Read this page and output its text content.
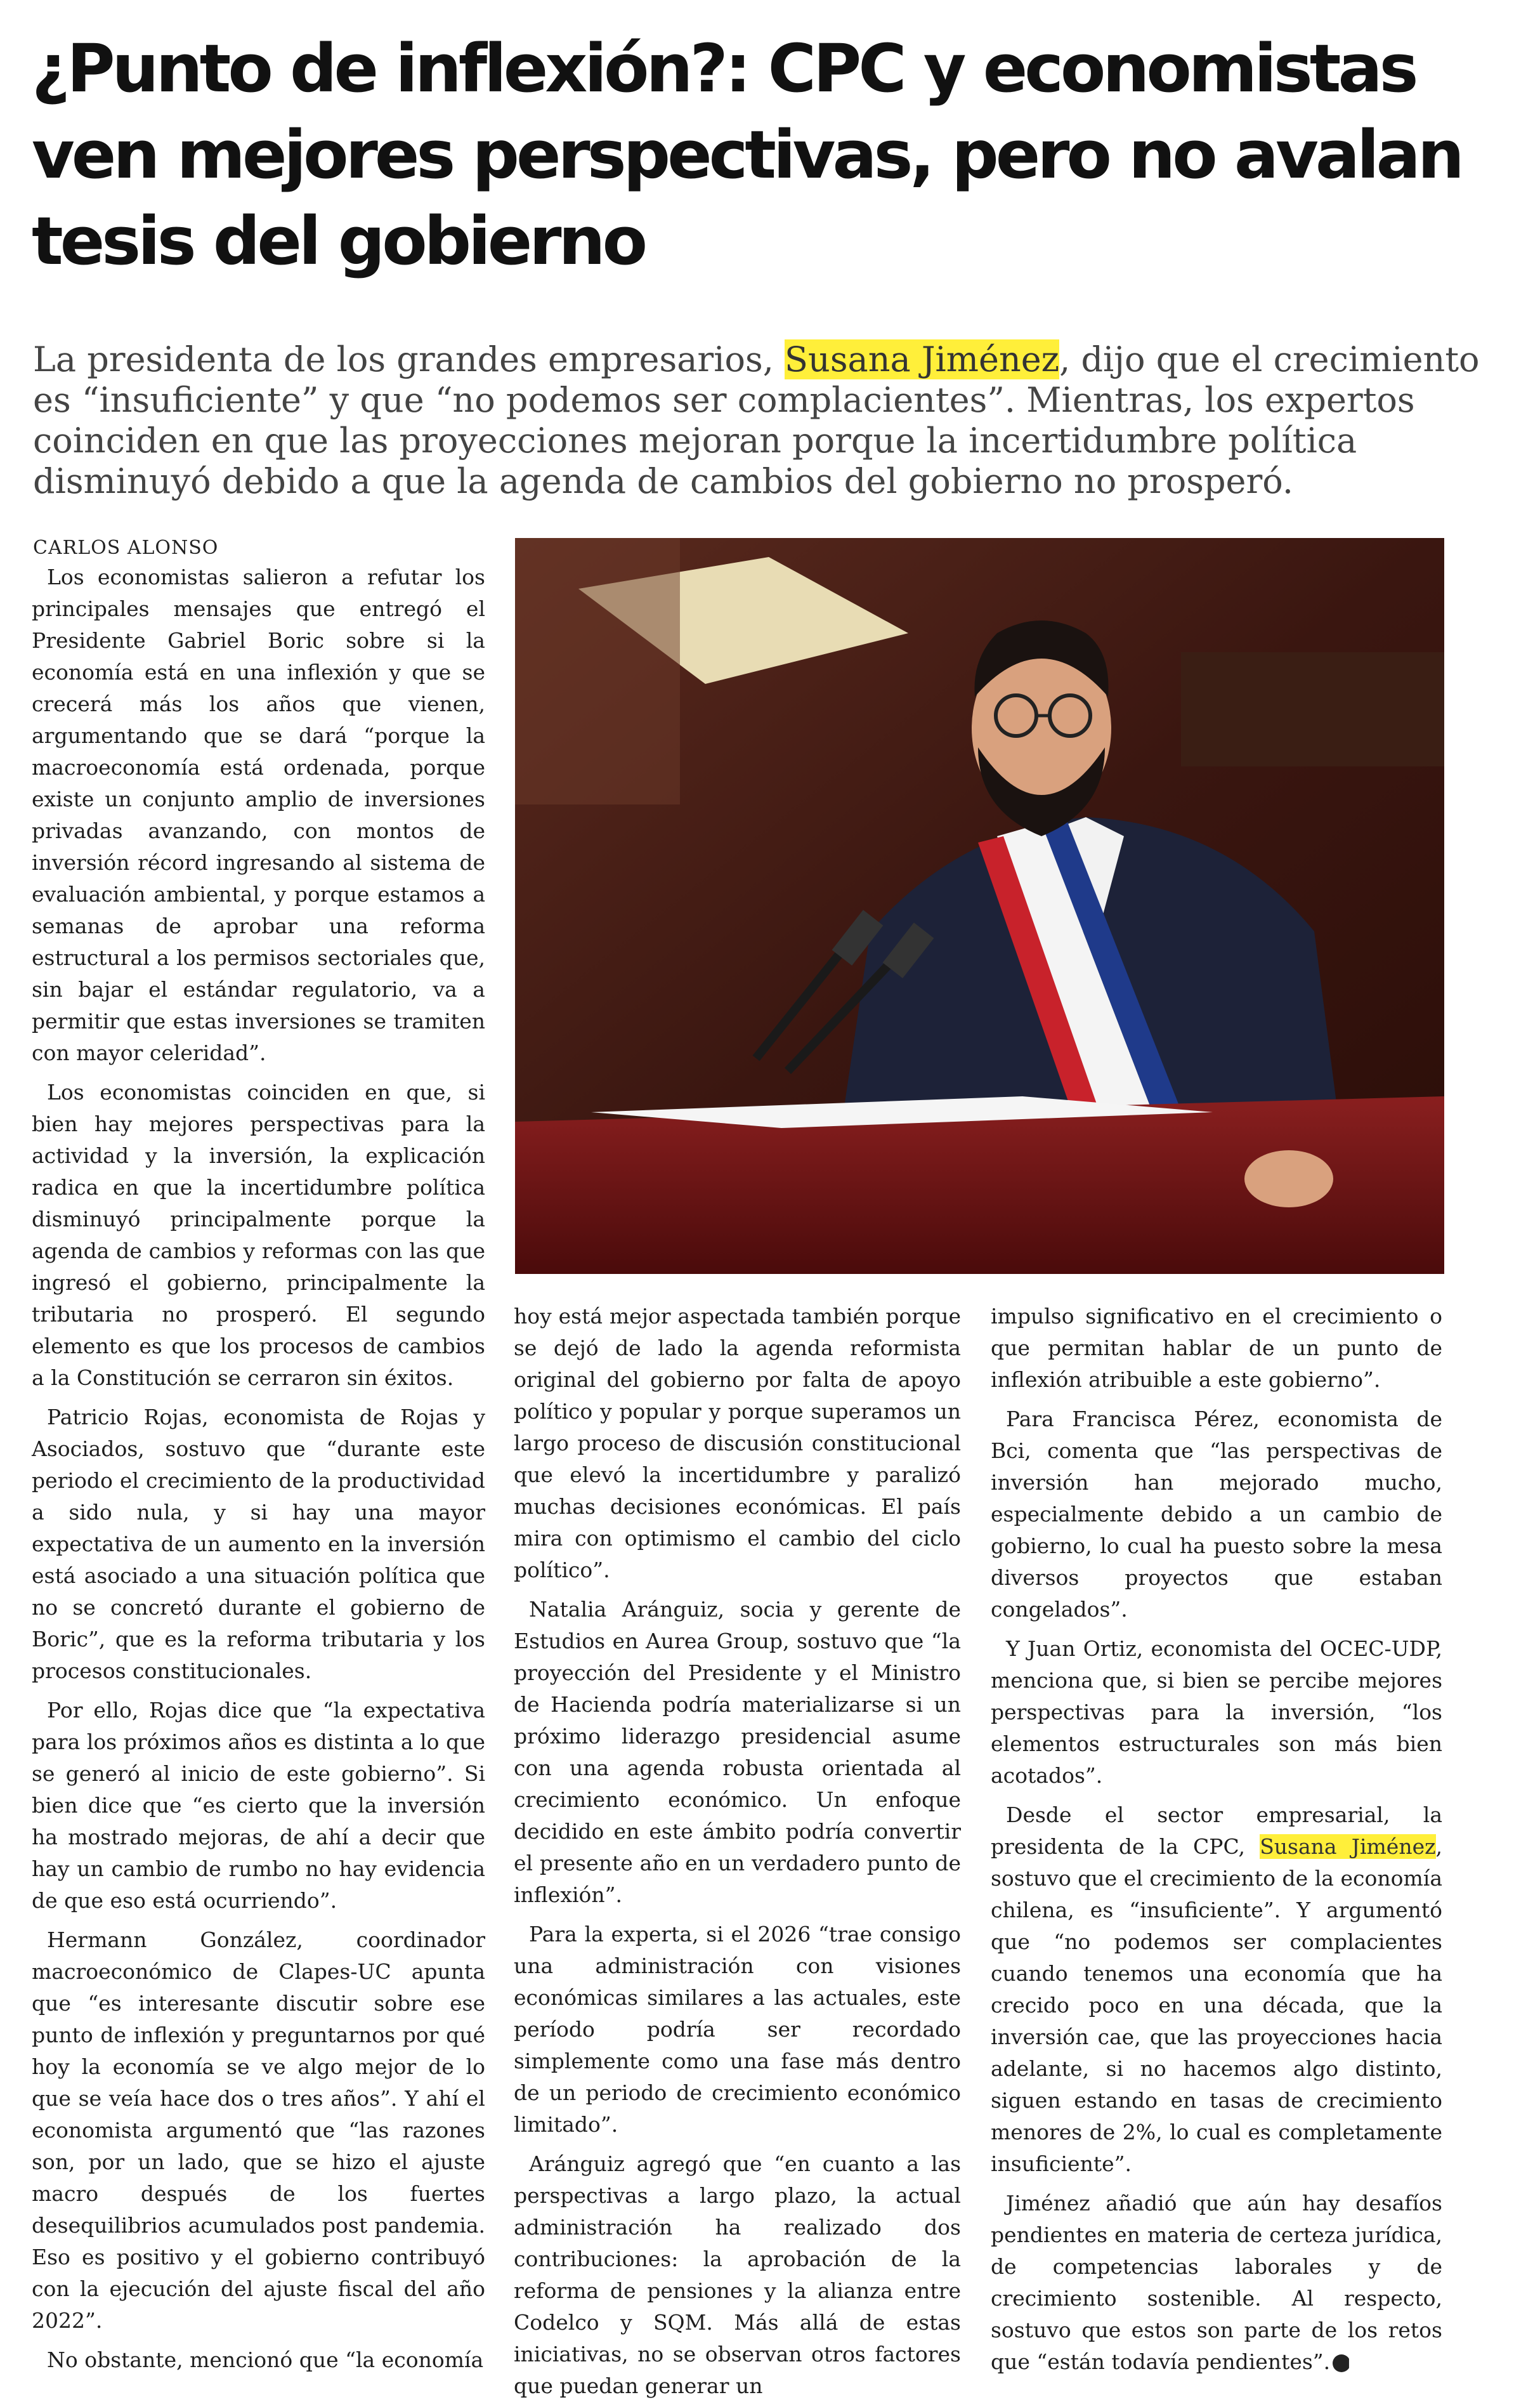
¿Punto de inflexión?: CPC y economistas ven mejores perspectivas, pero no avalan tesis del gobierno

La presidenta de los grandes empresarios, Susana Jiménez, dijo que el crecimiento es “insuficiente” y que “no podemos ser complacientes”. Mientras, los expertos coinciden en que las proyecciones mejoran porque la incertidumbre política disminuyó debido a que la agenda de cambios del gobierno no prosperó.

CARLOS ALONSO

Los economistas salieron a refutar los principales mensajes que entregó el Presidente Gabriel Boric sobre si la economía está en una inflexión y que se crecerá más los años que vienen, argumentando que se dará “porque la macroeconomía está ordenada, porque existe un conjunto amplio de inversiones privadas avanzando, con montos de inversión récord ingresando al sistema de evaluación ambiental, y porque estamos a semanas de aprobar una reforma estructural a los permisos sectoriales que, sin bajar el estándar regulatorio, va a permitir que estas inversiones se tramiten con mayor celeridad”.

Los economistas coinciden en que, si bien hay mejores perspectivas para la actividad y la inversión, la explicación radica en que la incertidumbre política disminuyó principalmente porque la agenda de cambios y reformas con las que ingresó el gobierno, principalmente la tributaria no prosperó. El segundo elemento es que los procesos de cambios a la Constitución se cerraron sin éxitos.

Patricio Rojas, economista de Rojas y Asociados, sostuvo que “durante este periodo el crecimiento de la productividad a sido nula, y si hay una mayor expectativa de un aumento en la inversión está asociado a una situación política que no se concretó durante el gobierno de Boric”, que es la reforma tributaria y los procesos constitucionales.

Por ello, Rojas dice que “la expectativa para los próximos años es distinta a lo que se generó al inicio de este gobierno”. Si bien dice que “es cierto que la inversión ha mostrado mejoras, de ahí a decir que hay un cambio de rumbo no hay evidencia de que eso está ocurriendo”.

Hermann González, coordinador macroeconómico de Clapes-UC apunta que “es interesante discutir sobre ese punto de inflexión y preguntarnos por qué hoy la economía se ve algo mejor de lo que se veía hace dos o tres años”. Y ahí el economista argumentó que “las razones son, por un lado, que se hizo el ajuste macro después de los fuertes desequilibrios acumulados post pandemia. Eso es positivo y el gobierno contribuyó con la ejecución del ajuste fiscal del año 2022”.

No obstante, mencionó que “la economía

hoy está mejor aspectada también porque se dejó de lado la agenda reformista original del gobierno por falta de apoyo político y popular y porque superamos un largo proceso de discusión constitucional que elevó la incertidumbre y paralizó muchas decisiones económicas. El país mira con optimismo el cambio del ciclo político”.

Natalia Aránguiz, socia y gerente de Estudios en Aurea Group, sostuvo que “la proyección del Presidente y el Ministro de Hacienda podría materializarse si un próximo liderazgo presidencial asume con una agenda robusta orientada al crecimiento económico. Un enfoque decidido en este ámbito podría convertir el presente año en un verdadero punto de inflexión”.

Para la experta, si el 2026 “trae consigo una administración con visiones económicas similares a las actuales, este período podría ser recordado simplemente como una fase más dentro de un periodo de crecimiento económico limitado”.

Aránguiz agregó que “en cuanto a las perspectivas a largo plazo, la actual administración ha realizado dos contribuciones: la aprobación de la reforma de pensiones y la alianza entre Codelco y SQM. Más allá de estas iniciativas, no se observan otros factores que puedan generar un

impulso significativo en el crecimiento o que permitan hablar de un punto de inflexión atribuible a este gobierno”.

Para Francisca Pérez, economista de Bci, comenta que “las perspectivas de inversión han mejorado mucho, especialmente debido a un cambio de gobierno, lo cual ha puesto sobre la mesa diversos proyectos que estaban congelados”.

Y Juan Ortiz, economista del OCEC-UDP, menciona que, si bien se percibe mejores perspectivas para la inversión, “los elementos estructurales son más bien acotados”.

Desde el sector empresarial, la presidenta de la CPC, Susana Jiménez, sostuvo que el crecimiento de la economía chilena, es “insuficiente”. Y argumentó que “no podemos ser complacientes cuando tenemos una economía que ha crecido poco en una década, que la inversión cae, que las proyecciones hacia adelante, si no hacemos algo distinto, siguen estando en tasas de crecimiento menores de 2%, lo cual es completamente insuficiente”.

Jiménez añadió que aún hay desafíos pendientes en materia de certeza jurídica, de competencias laborales y de crecimiento sostenible. Al respecto, sostuvo que estos son parte de los retos que “están todavía pendientes”. P
